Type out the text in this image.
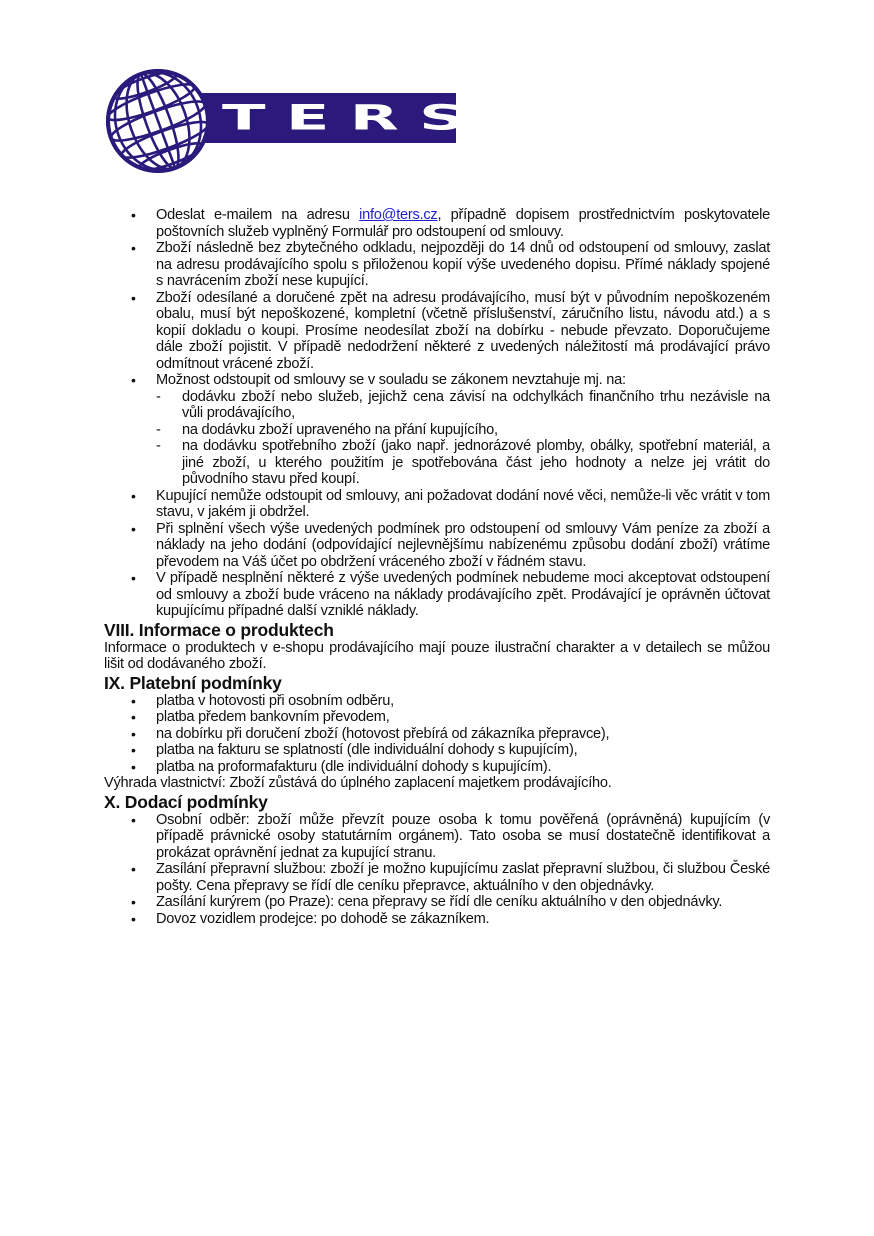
TERS
• Odeslat e-mailem na adresu info@ters.cz, případně dopisem prostřednictvím poskytovatele poštovních služeb vyplněný Formulář pro odstoupení od smlouvy.
• Zboží následně bez zbytečného odkladu, nejpozději do 14 dnů od odstoupení od smlouvy, zaslat na adresu prodávajícího spolu s přiloženou kopií výše uvedeného dopisu. Přímé náklady spojené s navrácením zboží nese kupující.
• Zboží odesílané a doručené zpět na adresu prodávajícího, musí být v původním nepoškozeném obalu, musí být nepoškozené, kompletní (včetně příslušenství, záručního listu, návodu atd.) a s kopií dokladu o koupi. Prosíme neodesílat zboží na dobírku - nebude převzato. Doporučujeme dále zboží pojistit. V případě nedodržení některé z uvedených náležitostí má prodávající právo odmítnout vrácené zboží.
• Možnost odstoupit od smlouvy se v souladu se zákonem nevztahuje mj. na:
- dodávku zboží nebo služeb, jejichž cena závisí na odchylkách finančního trhu nezávisle na vůli prodávajícího,
- na dodávku zboží upraveného na přání kupujícího,
- na dodávku spotřebního zboží (jako např. jednorázové plomby, obálky, spotřební materiál, a jiné zboží, u kterého použitím je spotřebována část jeho hodnoty a nelze jej vrátit do původního stavu před koupí.
• Kupující nemůže odstoupit od smlouvy, ani požadovat dodání nové věci, nemůže-li věc vrátit v tom stavu, v jakém ji obdržel.
• Při splnění všech výše uvedených podmínek pro odstoupení od smlouvy Vám peníze za zboží a náklady na jeho dodání (odpovídající nejlevnějšímu nabízenému způsobu dodání zboží) vrátíme převodem na Váš účet po obdržení vráceného zboží v řádném stavu.
• V případě nesplnění některé z výše uvedených podmínek nebudeme moci akceptovat odstoupení od smlouvy a zboží bude vráceno na náklady prodávajícího zpět. Prodávající je oprávněn účtovat kupujícímu případné další vzniklé náklady.
VIII. Informace o produktech

Informace o produktech v e-shopu prodávajícího mají pouze ilustrační charakter a v detailech se můžou lišit od dodávaného zboží.

IX. Platební podmínky
• platba v hotovosti při osobním odběru,
• platba předem bankovním převodem,
• na dobírku při doručení zboží (hotovost přebírá od zákazníka přepravce),
• platba na fakturu se splatností (dle individuální dohody s kupujícím),
• platba na proformafakturu (dle individuální dohody s kupujícím).

Výhrada vlastnictví: Zboží zůstává do úplného zaplacení majetkem prodávajícího.

X. Dodací podmínky
• Osobní odběr: zboží může převzít pouze osoba k tomu pověřená (oprávněná) kupujícím (v případě právnické osoby statutárním orgánem). Tato osoba se musí dostatečně identifikovat a prokázat oprávnění jednat za kupující stranu.
• Zasílání přepravní službou: zboží je možno kupujícímu zaslat přepravní službou, či službou České pošty. Cena přepravy se řídí dle ceníku přepravce, aktuálního v den objednávky.
• Zasílání kurýrem (po Praze): cena přepravy se řídí dle ceníku aktuálního v den objednávky.
• Dovoz vozidlem prodejce: po dohodě se zákazníkem.
